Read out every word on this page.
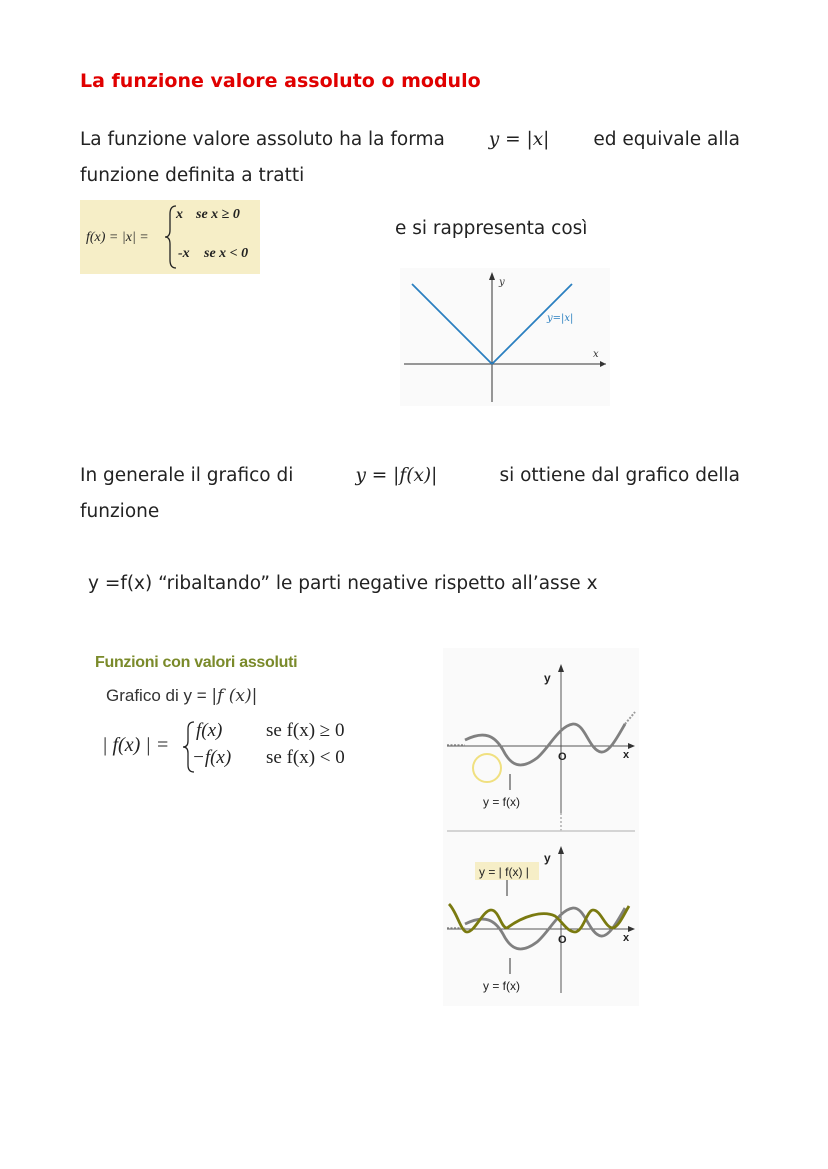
La funzione valore assoluto o modulo
La funzione valore assoluto ha la forma y = |x| ed equivale alla
funzione definita a tratti
f(x) = |x| =
x se x ≥ 0
-x se x < 0
e si rappresenta così
y
x
y=|x|
In generale il grafico di	y = |f(x)|	si ottiene dal grafico della
funzione
y =f(x) “ribaltando” le parti negative rispetto all’asse x
Funzioni con valori assoluti
Grafico di y = |f (x)|
| f(x) | =
f(x) se f(x) ≥ 0
−f(x) se f(x) < 0
y
x
O
y = f(x)
y
x
O
y = | f(x) |
y = f(x)
